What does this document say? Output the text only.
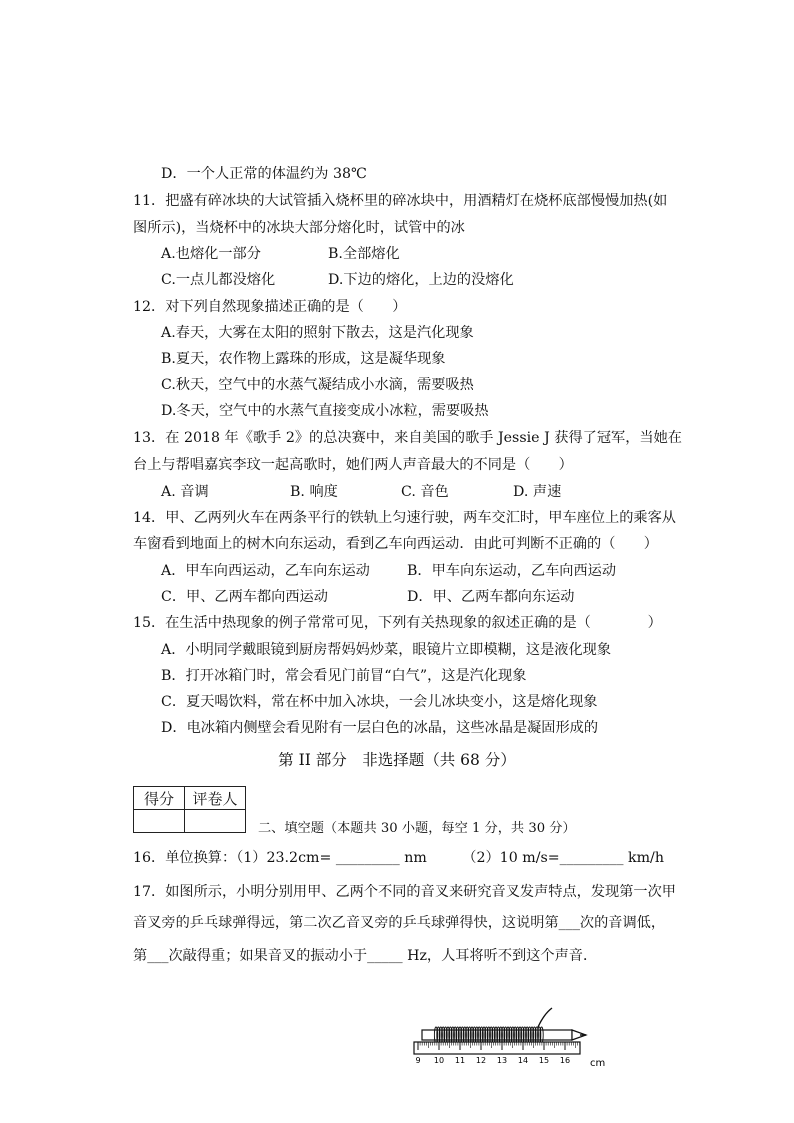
D．一个人正常的体温约为 38℃
11．把盛有碎冰块的大试管插入烧杯里的碎冰块中，用酒精灯在烧杯底部慢慢加热(如
图所示)，当烧杯中的冰块大部分熔化时，试管中的冰
A.也熔化一部分	B.全部熔化
C.一点儿都没熔化	D.下边的熔化，上边的没熔化
12．对下列自然现象描述正确的是（　　）
A.春天，大雾在太阳的照射下散去，这是汽化现象
B.夏天，农作物上露珠的形成，这是凝华现象
C.秋天，空气中的水蒸气凝结成小水滴，需要吸热
D.冬天，空气中的水蒸气直接变成小冰粒，需要吸热
13．在 2018 年《歌手 2》的总决赛中，来自美国的歌手 Jessie J 获得了冠军，当她在
台上与帮唱嘉宾李玟一起高歌时，她们两人声音最大的不同是（　　）
A. 音调	B. 响度	C. 音色	D. 声速
14．甲、乙两列火车在两条平行的铁轨上匀速行驶，两车交汇时，甲车座位上的乘客从
车窗看到地面上的树木向东运动，看到乙车向西运动．由此可判断不正确的（　　）
A．甲车向西运动，乙车向东运动	B．甲车向东运动，乙车向西运动
C．甲、乙两车都向西运动	D．甲、乙两车都向东运动
15．在生活中热现象的例子常常可见，下列有关热现象的叙述正确的是（　　　　）
A．小明同学戴眼镜到厨房帮妈妈炒菜，眼镜片立即模糊，这是液化现象
B．打开冰箱门时，常会看见门前冒“白气”，这是汽化现象
C．夏天喝饮料，常在杯中加入冰块，一会儿冰块变小，这是熔化现象
D．电冰箱内侧壁会看见附有一层白色的冰晶，这些冰晶是凝固形成的
第 II 部分　非选择题（共 68 分）
得分	评卷人

二、填空题（本题共 30 小题，每空 1 分，共 30 分）
16．单位换算：（1）23.2cm= _________ nm　　　（2）10 m/s=_________ km/h
17．如图所示，小明分别用甲、乙两个不同的音叉来研究音叉发声特点，发现第一次甲
音叉旁的乒乓球弹得远，第二次乙音叉旁的乒乓球弹得快，这说明第___次的音调低，
第___次敲得重；如果音叉的振动小于_____ Hz，人耳将听不到这个声音．
9 10 11 12 13 14 15 16 cm
